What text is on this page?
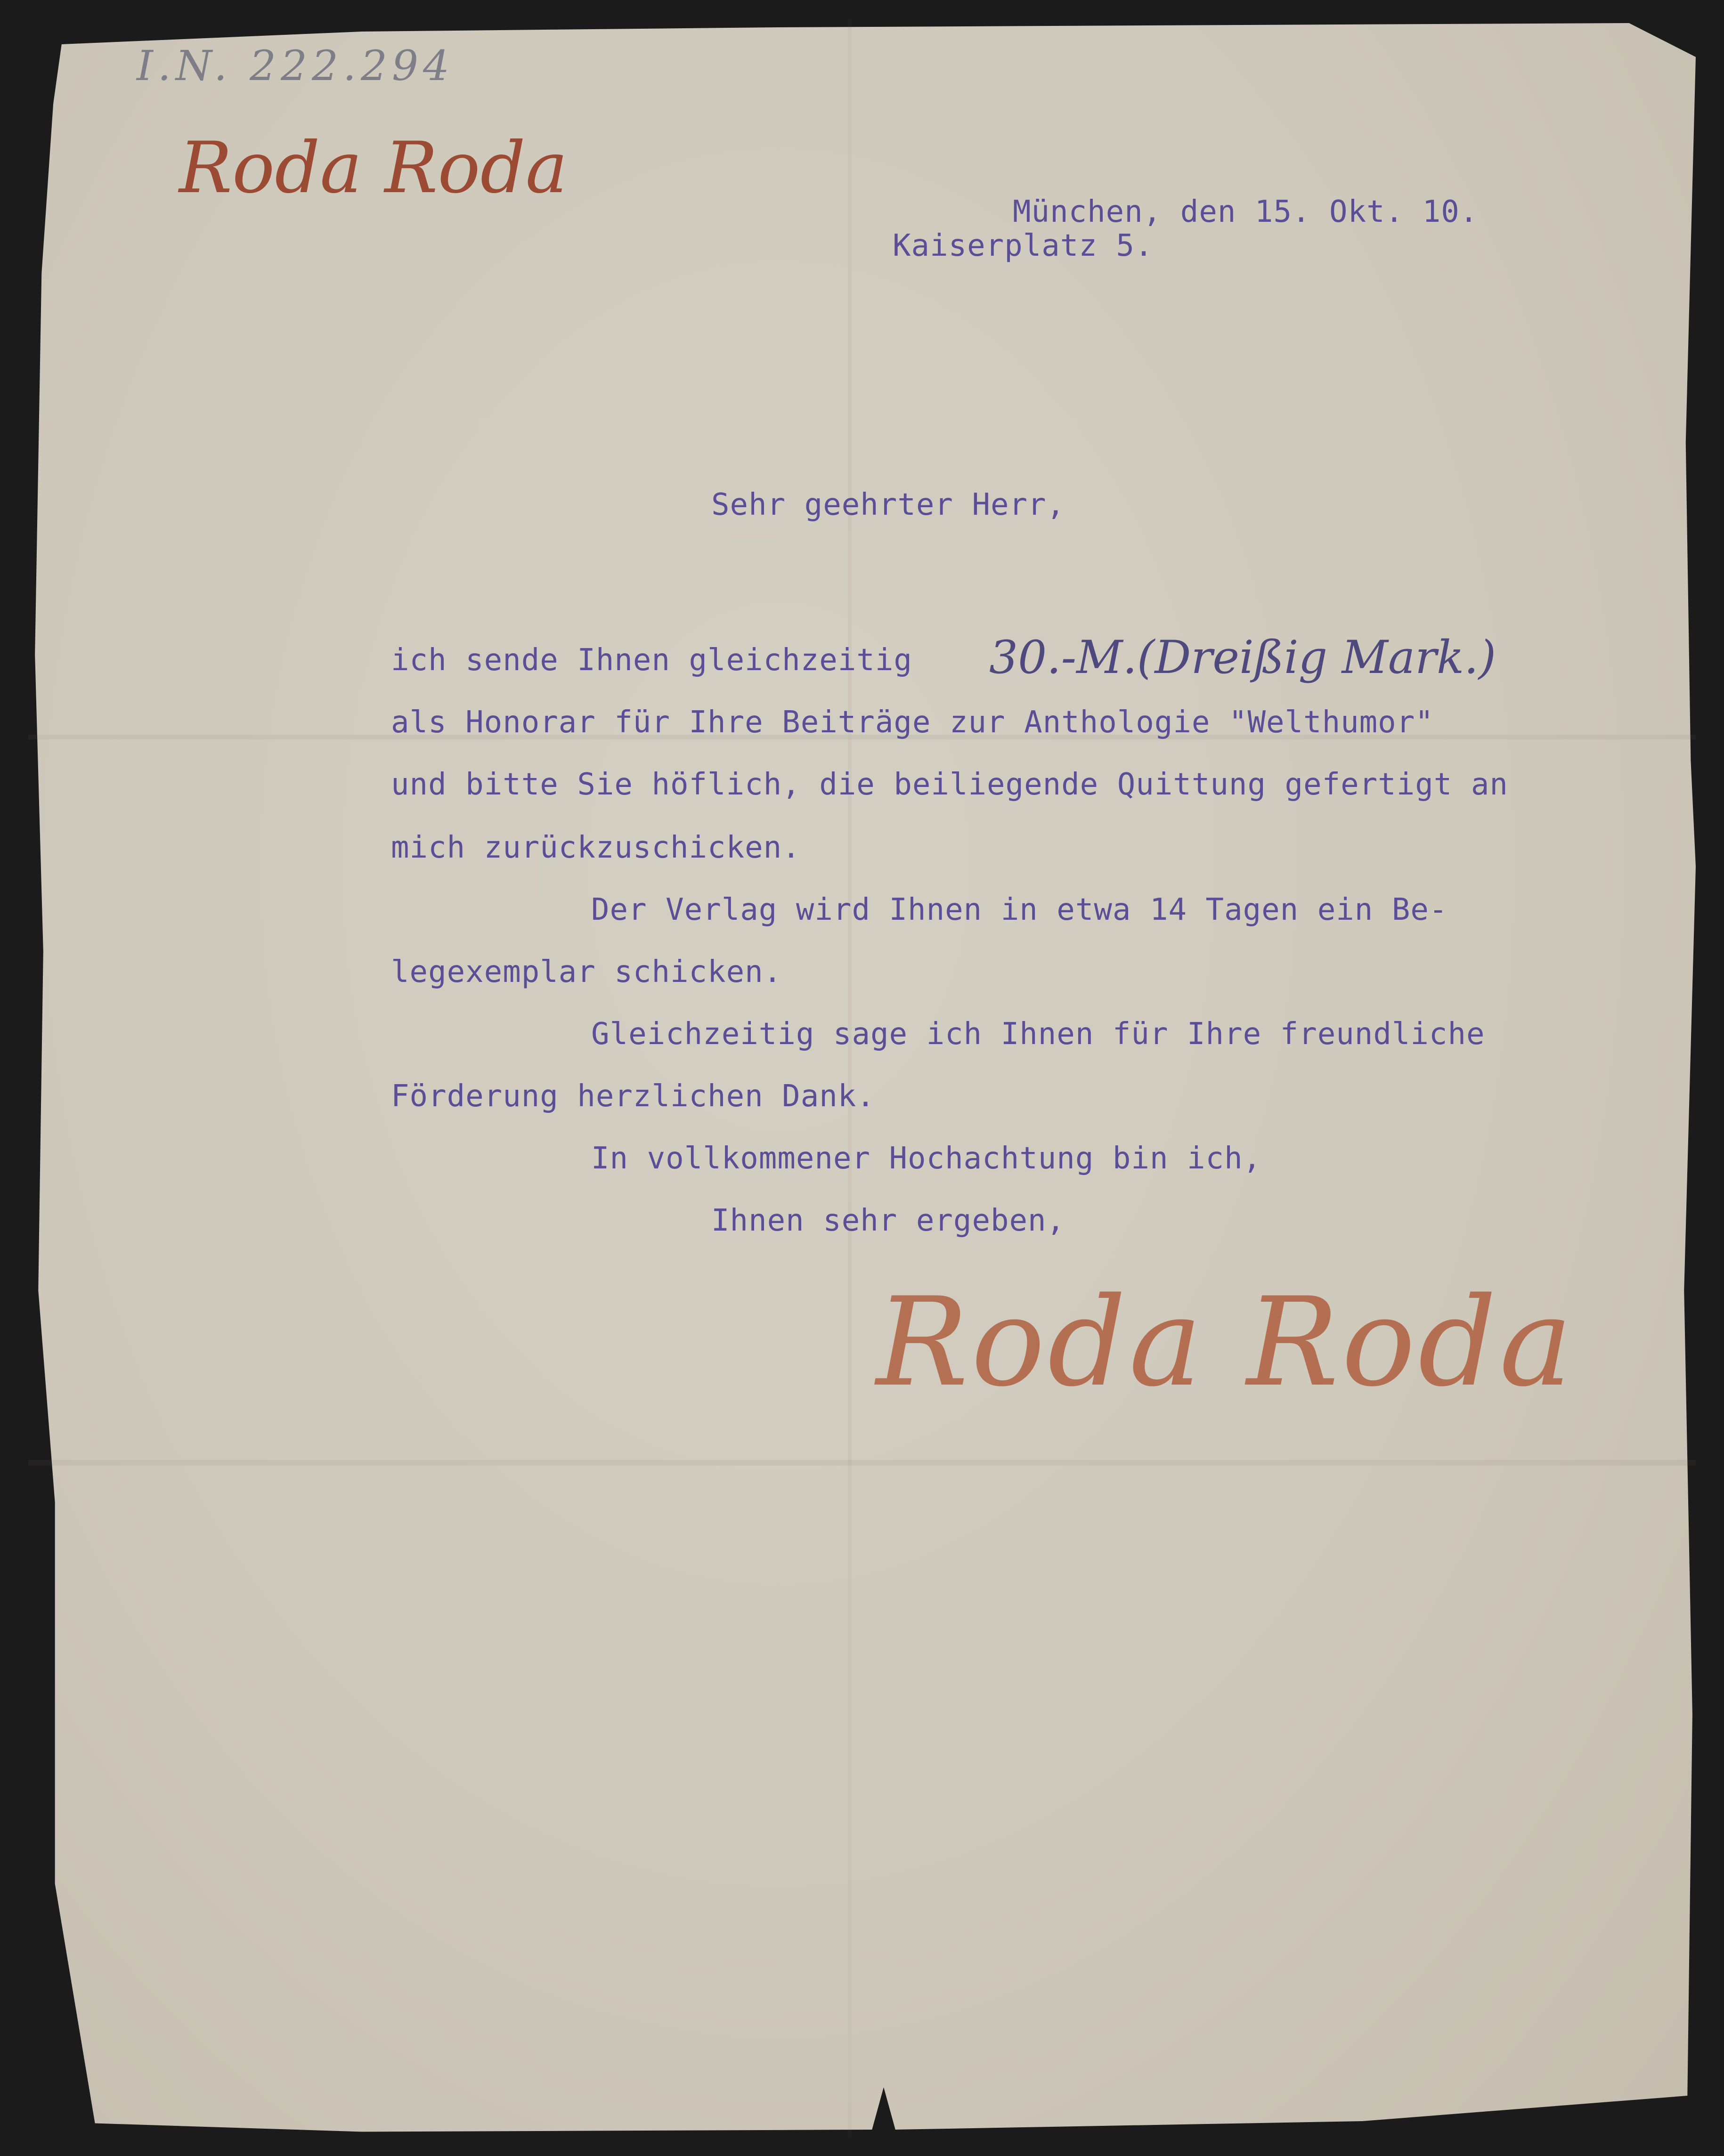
I.N. 222.294
Roda Roda
München, den 15. Okt. 10.
Kaiserplatz 5.
Sehr geehrter Herr,
ich sende Ihnen gleichzeitig 30.-M.(Dreißig Mark.)
als Honorar für Ihre Beiträge zur Anthologie "Welthumor"
und bitte Sie höflich, die beiliegende Quittung gefertigt an
mich zurückzuschicken.
Der Verlag wird Ihnen in etwa 14 Tagen ein Be-
legexemplar schicken.
Gleichzeitig sage ich Ihnen für Ihre freundliche
Förderung herzlichen Dank.
In vollkommener Hochachtung bin ich,
Ihnen sehr ergeben,
Roda Roda
